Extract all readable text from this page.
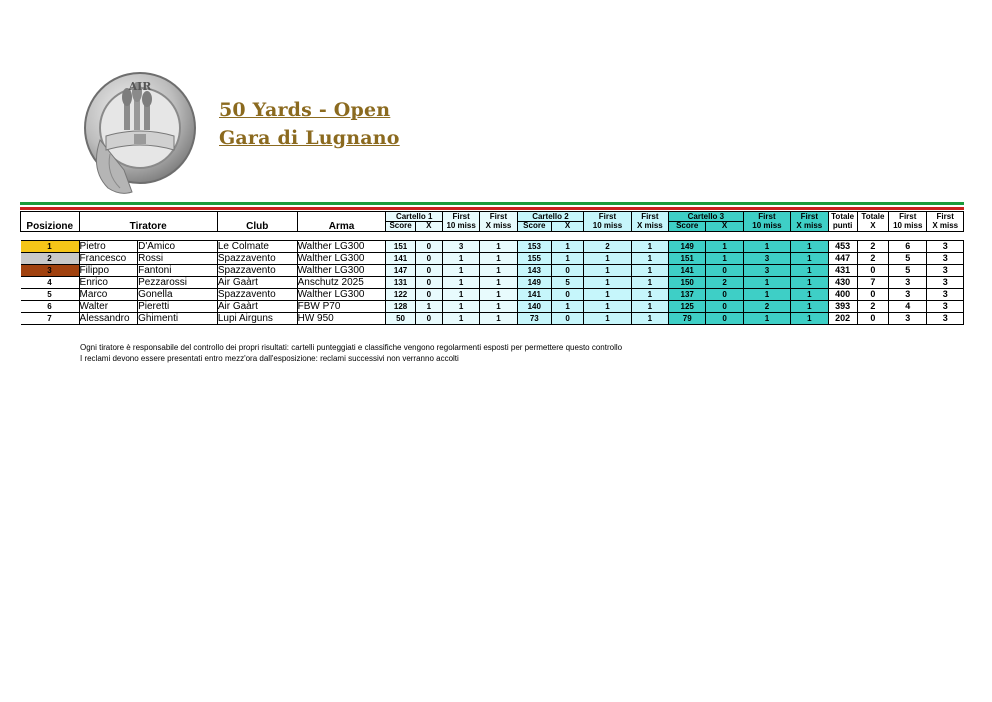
AIR
50 Yards - Open
Gara di Lugnano
Posizione	Tiratore		Club	Arma	Cartello 1		First	First	Cartello 2		First	First	Cartello 3		First	First	Totale	Totale	First	First
					Score	X	10 miss	X miss	Score	X	10 miss	X miss	Score	X	10 miss	X miss	punti	X	10 miss	X miss

1	Pietro	D'Amico	Le Colmate	Walther LG300	151	0	3	1	153	1	2	1	149	1	1	1	453	2	6	3
2	Francesco	Rossi	Spazzavento	Walther LG300	141	0	1	1	155	1	1	1	151	1	3	1	447	2	5	3
3	Filippo	Fantoni	Spazzavento	Walther LG300	147	0	1	1	143	0	1	1	141	0	3	1	431	0	5	3
4	Enrico	Pezzarossi	Air Gaàrt	Anschutz 2025	131	0	1	1	149	5	1	1	150	2	1	1	430	7	3	3
5	Marco	Gonella	Spazzavento	Walther LG300	122	0	1	1	141	0	1	1	137	0	1	1	400	0	3	3
6	Walter	Pieretti	Air Gaàrt	FBW P70	128	1	1	1	140	1	1	1	125	0	2	1	393	2	4	3
7	Alessandro	Ghimenti	Lupi Airguns	HW 950	50	0	1	1	73	0	1	1	79	0	1	1	202	0	3	3
Ogni tiratore è responsabile del controllo dei propri risultati: cartelli punteggiati e classifiche vengono regolarmenti esposti per permettere questo controllo
I reclami devono essere presentati entro mezz'ora dall'esposizione: reclami successivi non verranno accolti
